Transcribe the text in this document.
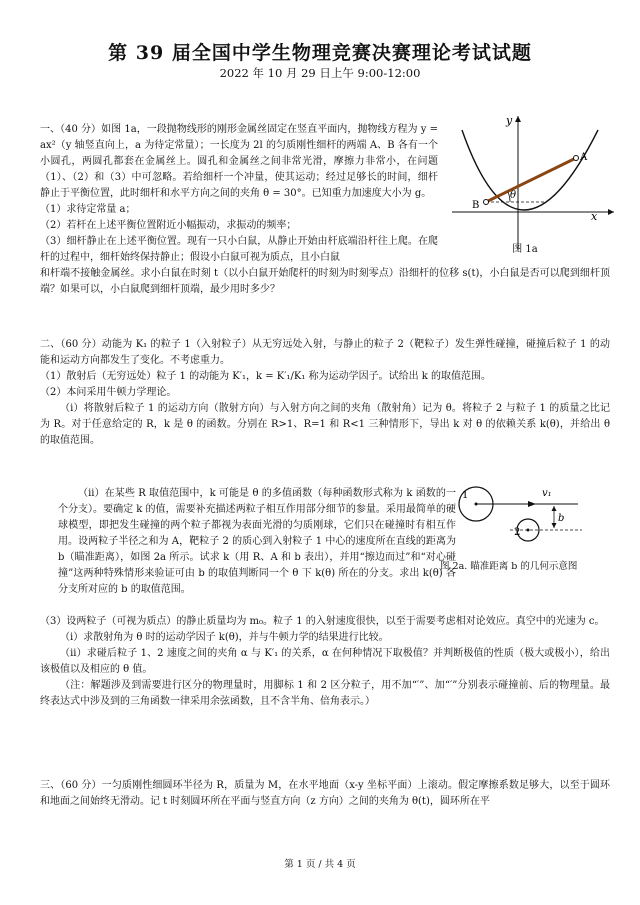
第 39 届全国中学生物理竞赛决赛理论考试试题
2022 年 10 月 29 日上午 9:00-12:00
一、（40 分）如图 1a，一段抛物线形的刚形金属丝固定在竖直平面内，抛物线方程为 y = ax²（y 轴竖直向上，a 为待定常量）；一长度为 2l 的匀质刚性细杆的两端 A、B 各有一个小圆孔，两圆孔都套在金属丝上。圆孔和金属丝之间非常光滑，摩擦力非常小，在问题（1）、（2）和（3）中可忽略。若给细杆一个冲量，使其运动；经过足够长的时间，细杆静止于平衡位置，此时细杆和水平方向之间的夹角 θ = 30°。已知重力加速度大小为 g。
（1）求待定常量 a；
（2）若杆在上述平衡位置附近小幅振动，求振动的频率；
（3）细杆静止在上述平衡位置。现有一只小白鼠，从静止开始由杆底端沿杆往上爬。在爬杆的过程中，细杆始终保持静止；假设小白鼠可视为质点，且小白鼠
和杆端不接触金属丝。求小白鼠在时刻 t（以小白鼠开始爬杆的时刻为时刻零点）沿细杆的位移 s(t)，小白鼠是否可以爬到细杆顶端？如果可以，小白鼠爬到细杆顶端，最少用时多少？
x
y
A
B
θ
图 1a
二、（60 分）动能为 K₁ 的粒子 1（入射粒子）从无穷远处入射，与静止的粒子 2（靶粒子）发生弹性碰撞，碰撞后粒子 1 的动能和运动方向都发生了变化。不考虑重力。
（1）散射后（无穷远处）粒子 1 的动能为 K′₁，k = K′₁/K₁ 称为运动学因子。试给出 k 的取值范围。
（2）本问采用牛顿力学理论。
（i）将散射后粒子 1 的运动方向（散射方向）与入射方向之间的夹角（散射角）记为 θ。将粒子 2 与粒子 1 的质量之比记为 R。对于任意给定的 R，k 是 θ 的函数。分别在 R>1、R=1 和 R<1 三种情形下，导出 k 对 θ 的依赖关系 k(θ)，并给出 θ 的取值范围。
（ii）在某些 R 取值范围中，k 可能是 θ 的多值函数（每种函数形式称为 k 函数的一个分支）。要确定 k 的值，需要补充描述两粒子相互作用部分细节的参量。采用最简单的硬球模型，即把发生碰撞的两个粒子都视为表面光滑的匀质刚球，它们只在碰撞时有相互作用。设两粒子半径之和为 A，靶粒子 2 的质心到入射粒子 1 中心的速度所在直线的距离为 b（瞄准距离），如图 2a 所示。试求 k（用 R、A 和 b 表出），并用“擦边而过”和“对心碰撞”这两种特殊情形来验证可由 b 的取值判断同一个 θ 下 k(θ) 所在的分支。求出 k(θ) 各分支所对应的 b 的取值范围。
1
2
v₁
b
图 2a. 瞄准距离 b 的几何示意图
（3）设两粒子（可视为质点）的静止质量均为 m₀。粒子 1 的入射速度很快，以至于需要考虑相对论效应。真空中的光速为 c。
（i）求散射角为 θ 时的运动学因子 k(θ)，并与牛顿力学的结果进行比较。
（ii）求碰后粒子 1、2 速度之间的夹角 α 与 K′₁ 的关系，α 在何种情况下取极值？并判断极值的性质（极大或极小），给出该极值以及相应的 θ 值。
（注：解题涉及到需要进行区分的物理量时，用脚标 1 和 2 区分粒子，用不加“′”、加“′”分别表示碰撞前、后的物理量。最终表达式中涉及到的三角函数一律采用余弦函数，且不含半角、倍角表示。）
三、（60 分）一匀质刚性细圆环半径为 R，质量为 M，在水平地面（x-y 坐标平面）上滚动。假定摩擦系数足够大，以至于圆环和地面之间始终无滑动。记 t 时刻圆环所在平面与竖直方向（z 方向）之间的夹角为 θ(t)，圆环所在平
第 1 页 / 共 4 页
